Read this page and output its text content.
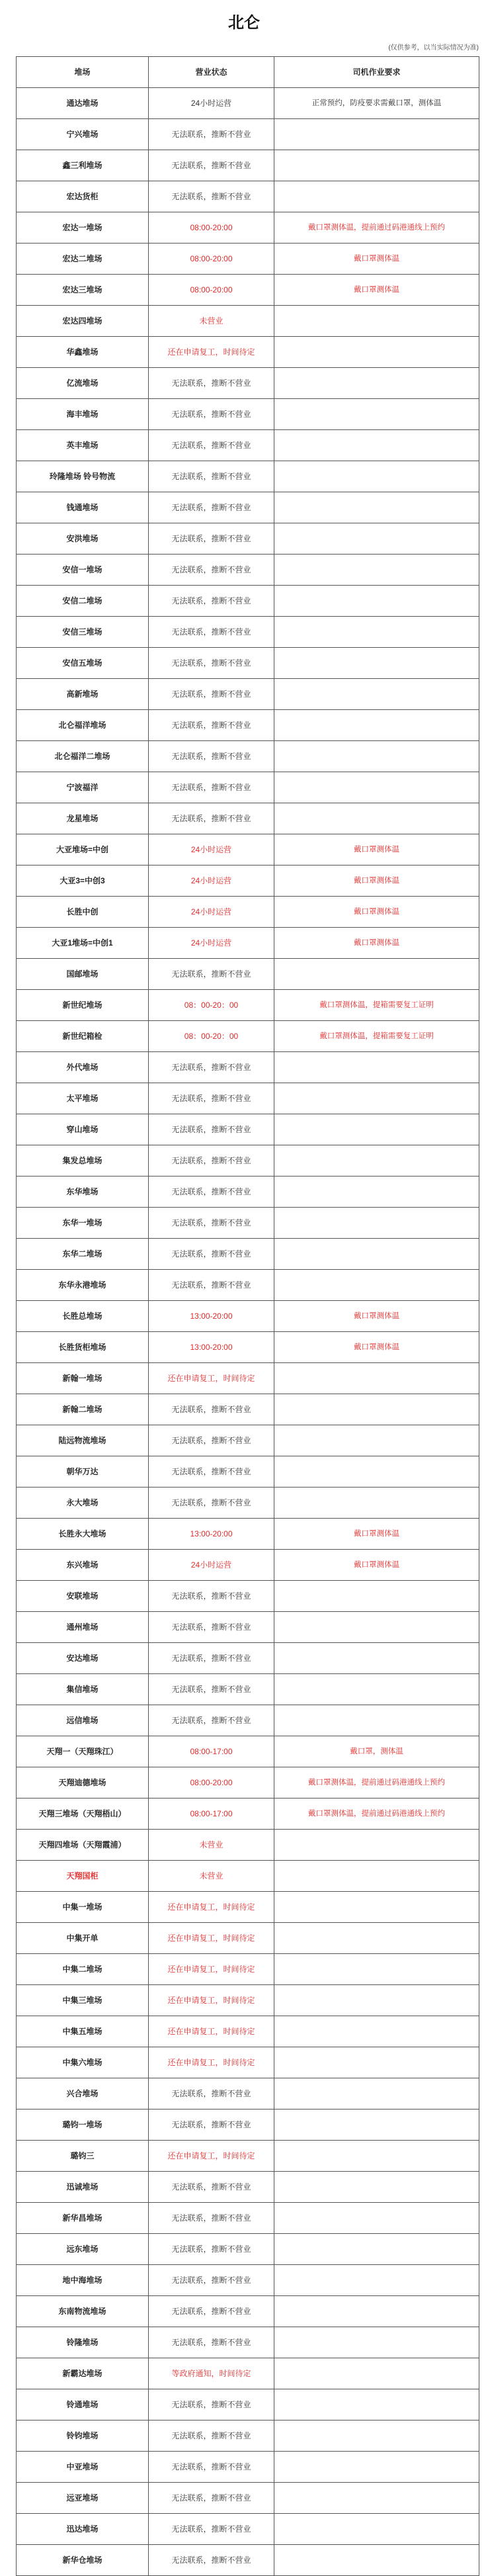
北仑
(仅供参考，以当实际情况为准)
堆场	营业状态	司机作业要求
通达堆场	24小时运营	正常预约，防疫要求需戴口罩，测体温
宁兴堆场	无法联系，推断不营业	
鑫三利堆场	无法联系，推断不营业	
宏达货柜	无法联系，推断不营业	
宏达一堆场	08:00-20:00	戴口罩测体温，提前通过码港通线上预约
宏达二堆场	08:00-20:00	戴口罩测体温
宏达三堆场	08:00-20:00	戴口罩测体温
宏达四堆场	未营业	
华鑫堆场	还在申请复工，时间待定	
亿流堆场	无法联系，推断不营业	
海丰堆场	无法联系，推断不营业	
英丰堆场	无法联系，推断不营业	
玲隆堆场 铃号物流	无法联系，推断不营业	
钱通堆场	无法联系，推断不营业	
安洪堆场	无法联系，推断不营业	
安信一堆场	无法联系，推断不营业	
安信二堆场	无法联系，推断不营业	
安信三堆场	无法联系，推断不营业	
安信五堆场	无法联系，推断不营业	
高新堆场	无法联系，推断不营业	
北仑福洋堆场	无法联系，推断不营业	
北仑福洋二堆场	无法联系，推断不营业	
宁波福洋	无法联系，推断不营业	
龙星堆场	无法联系，推断不营业	
大亚堆场=中创	24小时运营	戴口罩测体温
大亚3=中创3	24小时运营	戴口罩测体温
长胜中创	24小时运营	戴口罩测体温
大亚1堆场=中创1	24小时运营	戴口罩测体温
国邮堆场	无法联系，推断不营业	
新世纪堆场	08：00-20：00	戴口罩测体温，提箱需要复工证明
新世纪箱检	08：00-20：00	戴口罩测体温，提箱需要复工证明
外代堆场	无法联系，推断不营业	
太平堆场	无法联系，推断不营业	
穿山堆场	无法联系，推断不营业	
集发总堆场	无法联系，推断不营业	
东华堆场	无法联系，推断不营业	
东华一堆场	无法联系，推断不营业	
东华二堆场	无法联系，推断不营业	
东华永港堆场	无法联系，推断不营业	
长胜总堆场	13:00-20:00	戴口罩测体温
长胜货柜堆场	13:00-20:00	戴口罩测体温
新翰一堆场	还在申请复工，时间待定	
新翰二堆场	无法联系，推断不营业	
陆远物流堆场	无法联系，推断不营业	
朝华万达	无法联系，推断不营业	
永大堆场	无法联系，推断不营业	
长胜永大堆场	13:00-20:00	戴口罩测体温
东兴堆场	24小时运营	戴口罩测体温
安联堆场	无法联系，推断不营业	
通州堆场	无法联系，推断不营业	
安达堆场	无法联系，推断不营业	
集信堆场	无法联系，推断不营业	
远信堆场	无法联系，推断不营业	
天翔一（天翔珠江）	08:00-17:00	戴口罩，测体温
天翔迪德堆场	08:00-20:00	戴口罩测体温，提前通过码港通线上预约
天翔三堆场（天翔梧山）	08:00-17:00	戴口罩测体温，提前通过码港通线上预约
天翔四堆场（天翔霞浦）	未营业	
天翔国柜	未营业	
中集一堆场	还在申请复工，时间待定	
中集开单	还在申请复工，时间待定	
中集二堆场	还在申请复工，时间待定	
中集三堆场	还在申请复工，时间待定	
中集五堆场	还在申请复工，时间待定	
中集六堆场	还在申请复工，时间待定	
兴合堆场	无法联系，推断不营业	
璐钧一堆场	无法联系，推断不营业	
璐钧三	还在申请复工，时间待定	
迅诚堆场	无法联系，推断不营业	
新华昌堆场	无法联系，推断不营业	
远东堆场	无法联系，推断不营业	
地中海堆场	无法联系，推断不营业	
东南物流堆场	无法联系，推断不营业	
铃隆堆场	无法联系，推断不营业	
新霸达堆场	等政府通知，时间待定	
铃通堆场	无法联系，推断不营业	
铃钧堆场	无法联系，推断不营业	
中亚堆场	无法联系，推断不营业	
远亚堆场	无法联系，推断不营业	
迅达堆场	无法联系，推断不营业	
新华仓堆场	无法联系，推断不营业	
